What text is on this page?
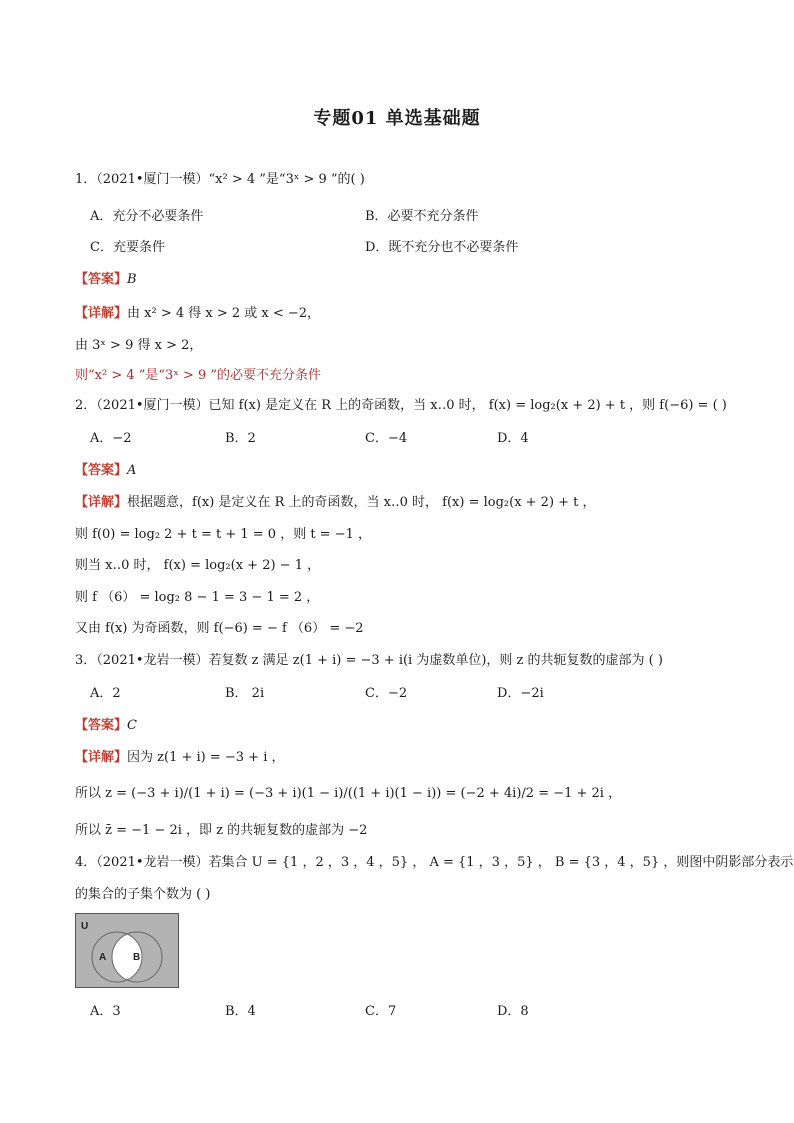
专题01 单选基础题
1．（2021•厦门一模）“x² > 4 ”是“3ˣ > 9 ”的( )
A．充分不必要条件	B．必要不充分条件
C．充要条件	D．既不充分也不必要条件
【答案】B
【详解】由 x² > 4 得 x > 2 或 x < −2，
由 3ˣ > 9 得 x > 2，
则“x² > 4 ”是“3ˣ > 9 ”的必要不充分条件
2．（2021•厦门一模）已知 f(x) 是定义在 R 上的奇函数，当 x‥0 时， f(x) = log₂(x + 2) + t ，则 f(−6) = ( )
A．−2	B．2	C．−4	D．4
【答案】A
【详解】根据题意，f(x) 是定义在 R 上的奇函数，当 x‥0 时， f(x) = log₂(x + 2) + t ，
则 f(0) = log₂ 2 + t = t + 1 = 0 ，则 t = −1 ，
则当 x‥0 时， f(x) = log₂(x + 2) − 1 ，
则 f （6） = log₂ 8 − 1 = 3 − 1 = 2 ，
又由 f(x) 为奇函数，则 f(−6) = − f （6） = −2
3．（2021•龙岩一模）若复数 z 满足 z(1 + i) = −3 + i(i 为虚数单位)，则 z 的共轭复数的虚部为 ( )
A．2	B． 2i	C．−2	D．−2i
【答案】C
【详解】因为 z(1 + i) = −3 + i ，
所以 z = (−3 + i)/(1 + i) = (−3 + i)(1 − i)/((1 + i)(1 − i)) = (−2 + 4i)/2 = −1 + 2i ，
所以 z̄ = −1 − 2i ，即 z 的共轭复数的虚部为 −2
4．（2021•龙岩一模）若集合 U = {1 ，2 ，3 ，4 ，5} ， A = {1 ，3 ，5} ， B = {3 ，4 ，5} ，则图中阴影部分表示
的集合的子集个数为 ( )
U
A	B
A．3	B．4	C．7	D．8
